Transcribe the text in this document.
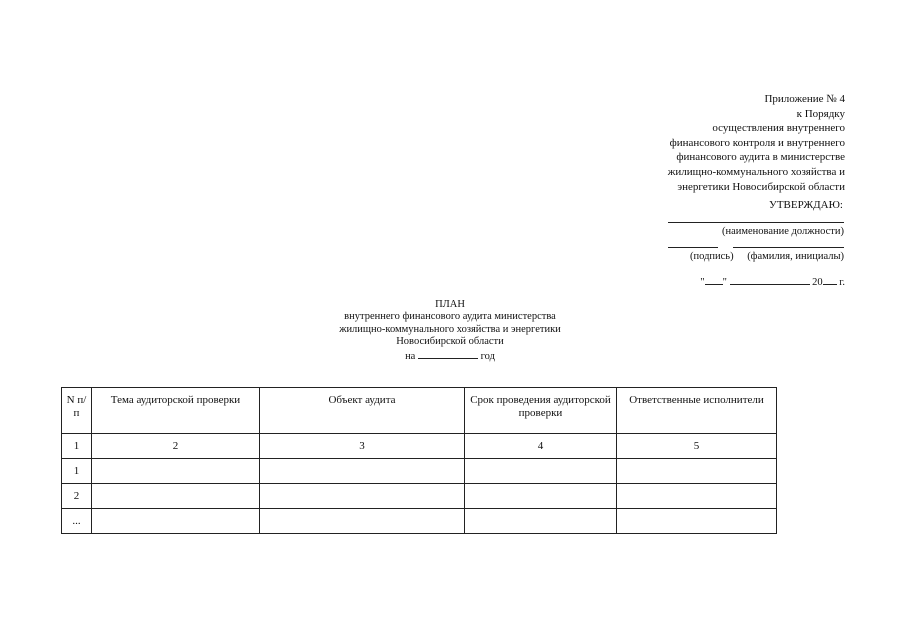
Приложение № 4
к Порядку
осуществления внутреннего
финансового контроля и внутреннего
финансового аудита в министерстве
жилищно-коммунального хозяйства и
энергетики Новосибирской области
УТВЕРЖДАЮ:
(наименование должности)
(подпись) (фамилия, инициалы)
" "	20 г.
ПЛАН
внутреннего финансового аудита министерства
жилищно-коммунального хозяйства и энергетики
Новосибирской области
на	год
N п/п	Тема аудиторской проверки	Объект аудита	Срок проведения аудиторской проверки	Ответственные исполнители
1	2	3	4	5
1				
2				
...				
